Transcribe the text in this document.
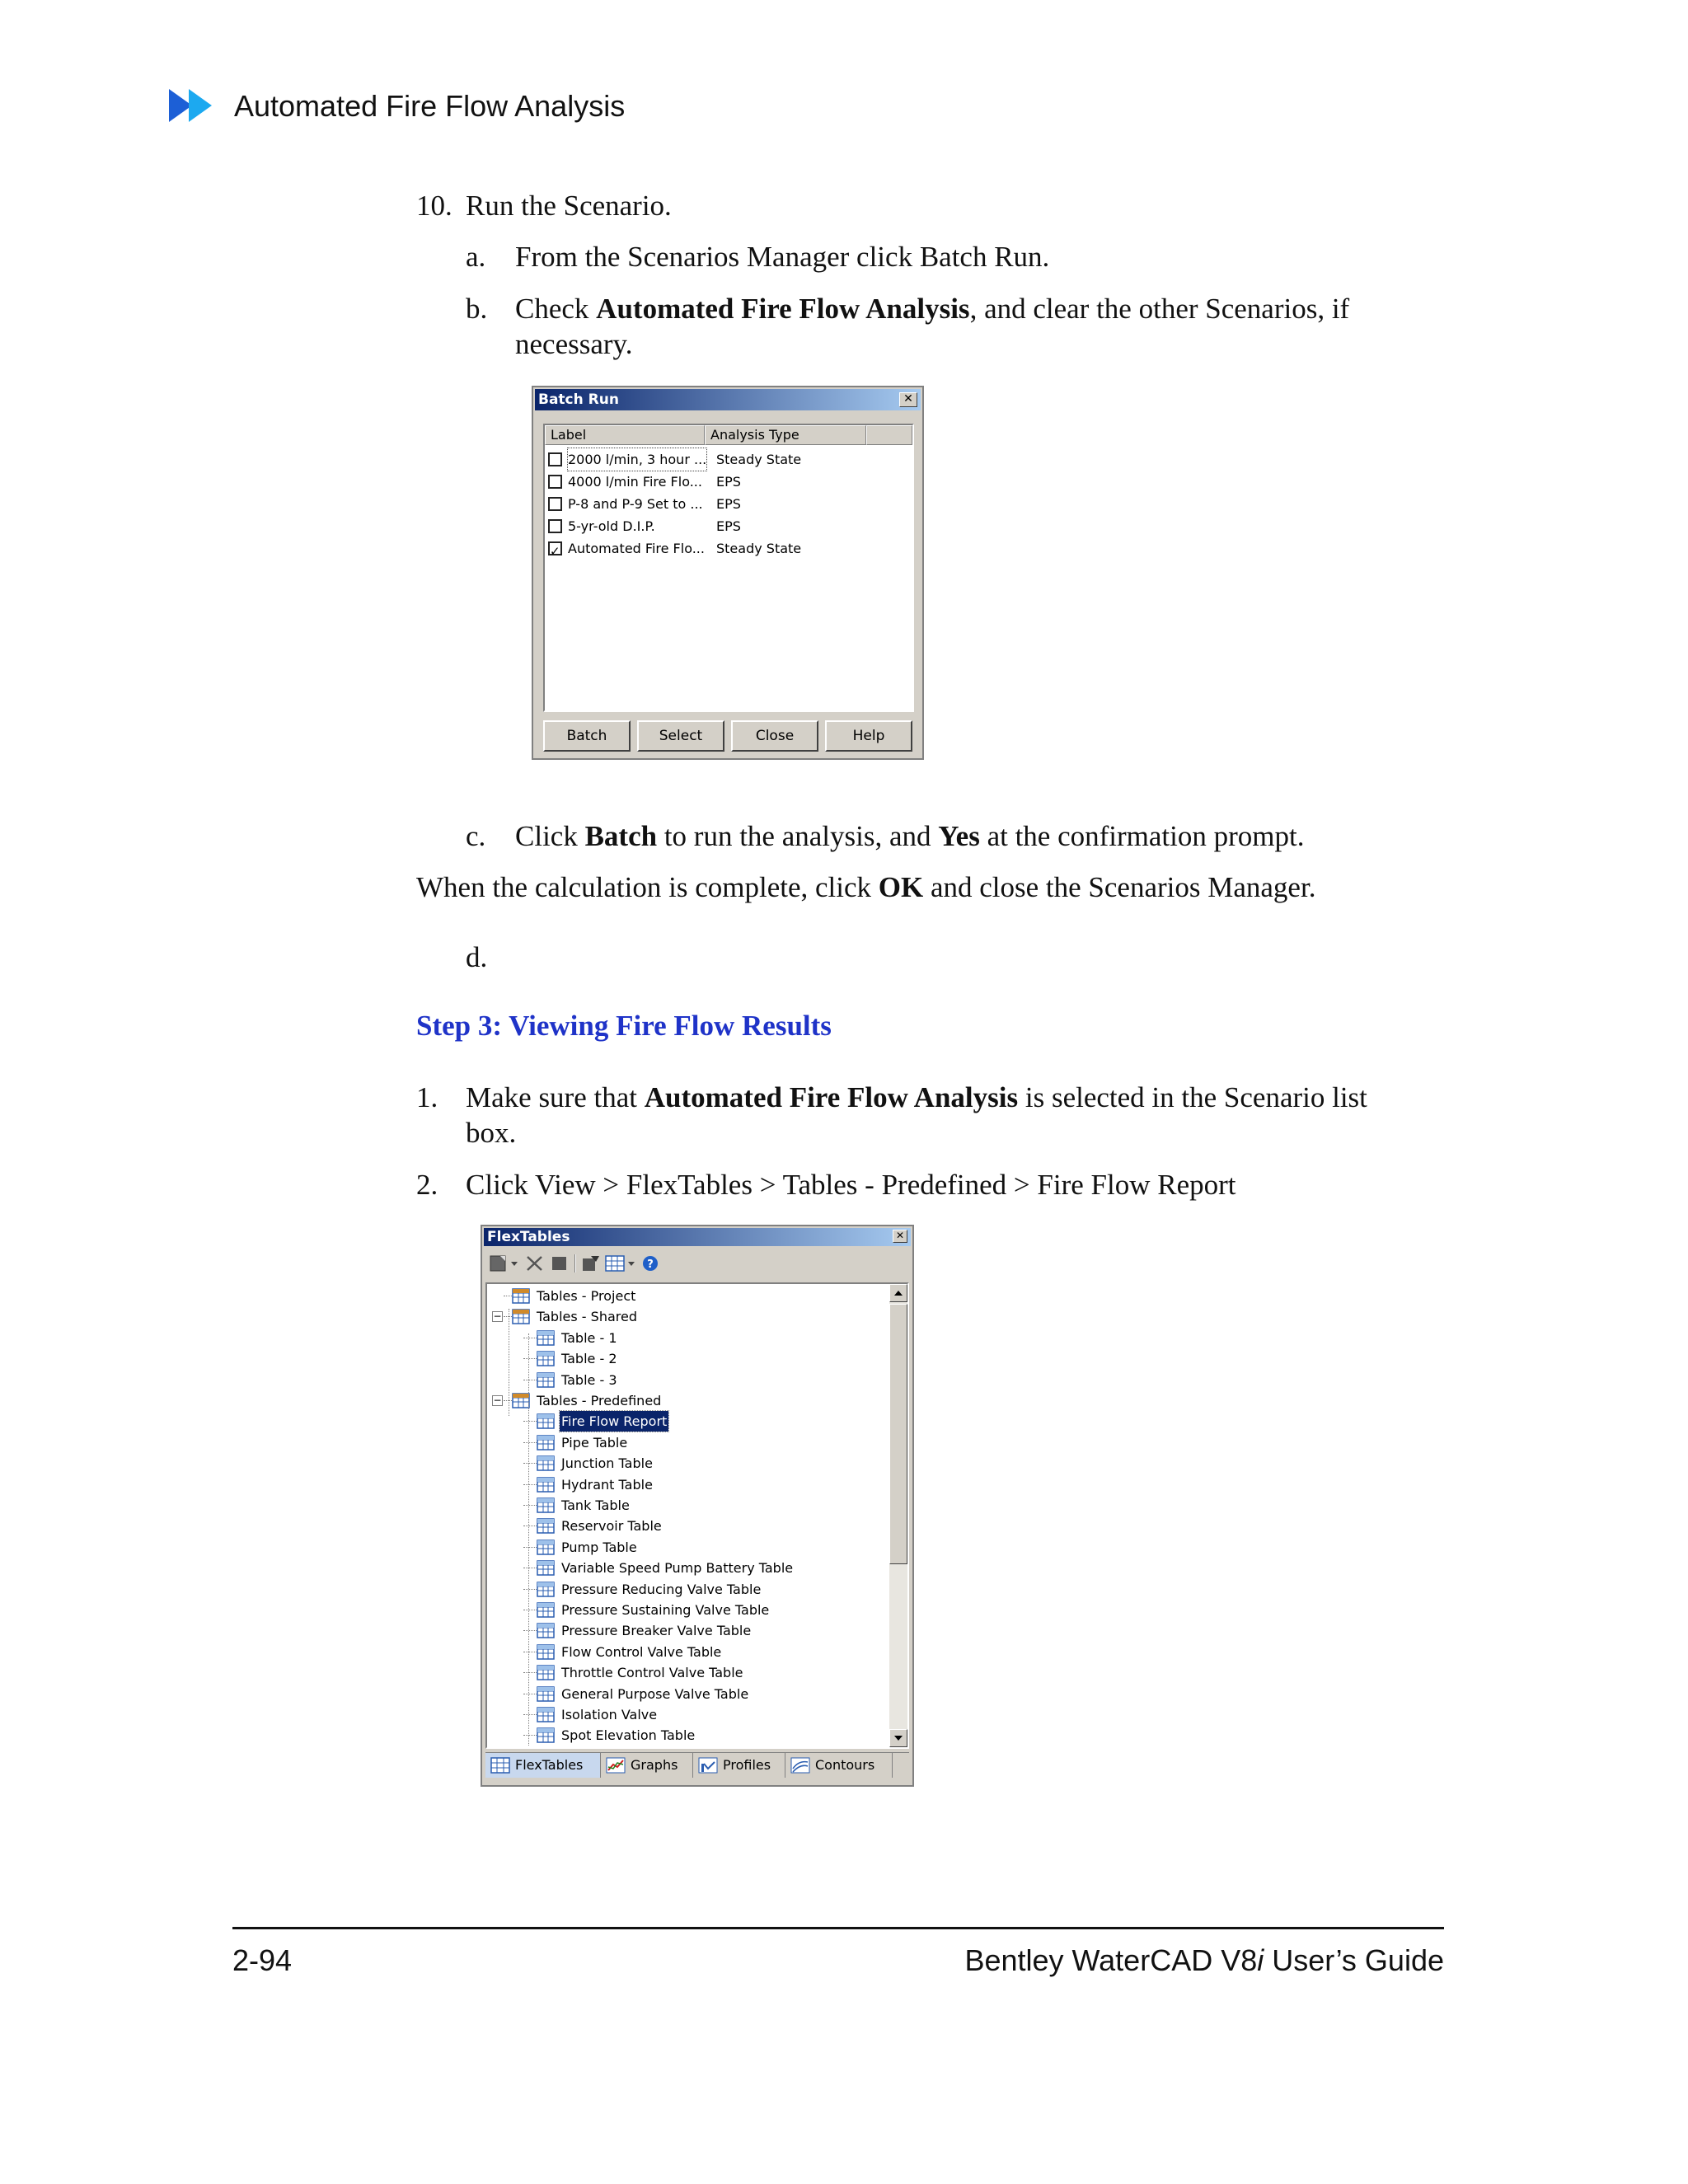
Automated Fire Flow Analysis
10. Run the Scenario.
a. From the Scenarios Manager click Batch Run.
b. Check Automated Fire Flow Analysis, and clear the other Scenarios, if
necessary.
Batch Run	✕
Label	Analysis Type
2000 l/min, 3 hour ... Steady State
4000 l/min Fire Flo... EPS
P-8 and P-9 Set to ... EPS
5-yr-old D.I.P.	EPS
✓
Automated Fire Flo... Steady State
Batch	Select	Close	Help
c. Click Batch to run the analysis, and Yes at the confirmation prompt.
When the calculation is complete, click OK and close the Scenarios Manager.
d.
Step 3: Viewing Fire Flow Results
1. Make sure that Automated Fire Flow Analysis is selected in the Scenario list
box.
2. Click View > FlexTables > Tables - Predefined > Fire Flow Report
FlexTables	✕
?
Tables - Project
−	Tables - Shared
Table - 1
Table - 2
Table - 3
−	Tables - Predefined
Fire Flow Report
Pipe Table
Junction Table
Hydrant Table
Tank Table
Reservoir Table
Pump Table
Variable Speed Pump Battery Table
Pressure Reducing Valve Table
Pressure Sustaining Valve Table
Pressure Breaker Valve Table
Flow Control Valve Table
Throttle Control Valve Table
General Purpose Valve Table
Isolation Valve
Spot Elevation Table
FlexTables	Graphs	Profiles	Contours
2-94	Bentley WaterCAD V8i User’s Guide
